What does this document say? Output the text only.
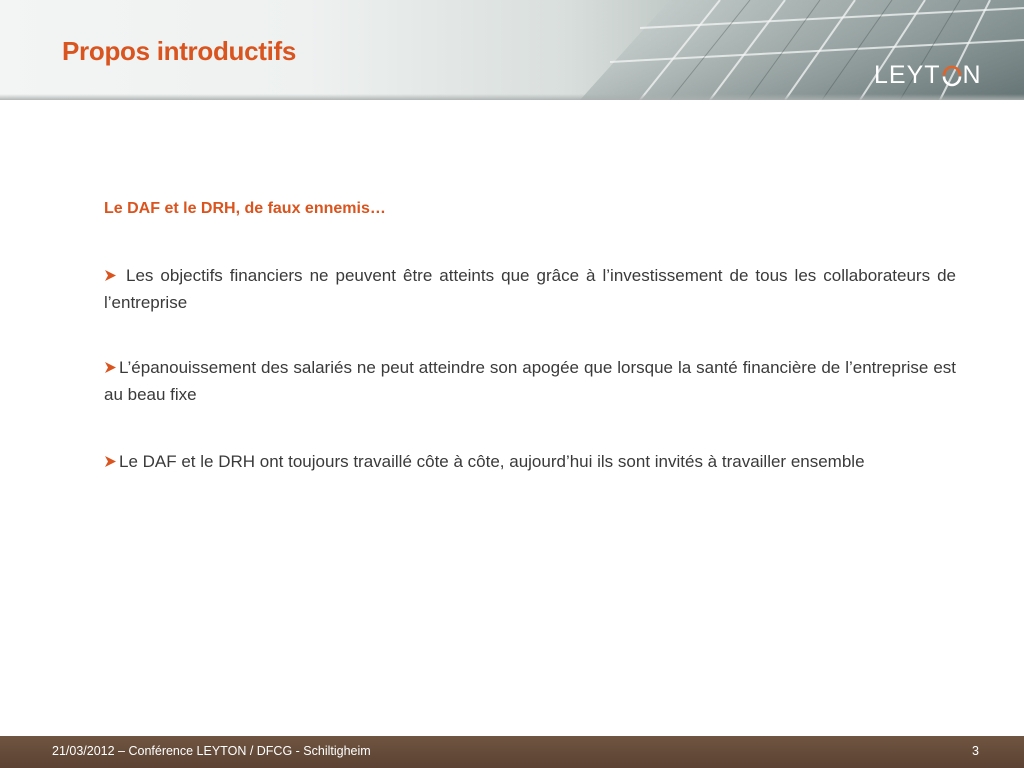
Propos introductifs
LEYT N

Le DAF et le DRH, de faux ennemis…

Les objectifs financiers ne peuvent être atteints que grâce à l’investissement de tous les collaborateurs de l’entreprise

L’épanouissement des salariés ne peut atteindre son apogée que lorsque la santé financière de l’entreprise est au beau fixe

Le DAF et le DRH ont toujours travaillé côte à côte, aujourd’hui ils sont invités à travailler ensemble

21/03/2012 – Conférence LEYTON / DFCG - Schiltigheim	3
